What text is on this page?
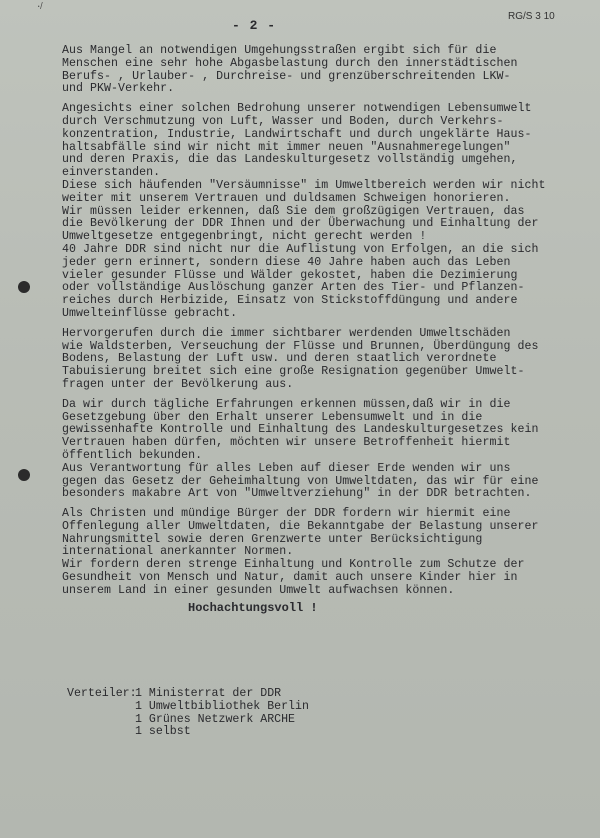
·̸
- 2 -
RG/S 3 10
Aus Mangel an notwendigen Umgehungsstraßen ergibt sich für die
Menschen eine sehr hohe Abgasbelastung durch den innerstädtischen
Berufs- , Urlauber- , Durchreise- und grenzüberschreitenden LKW-
und PKW-Verkehr.
Angesichts einer solchen Bedrohung unserer notwendigen Lebensumwelt
durch Verschmutzung von Luft, Wasser und Boden, durch Verkehrs-
konzentration, Industrie, Landwirtschaft und durch ungeklärte Haus-
haltsabfälle sind wir nicht mit immer neuen "Ausnahmeregelungen"
und deren Praxis, die das Landeskulturgesetz vollständig umgehen,
einverstanden.
Diese sich häufenden "Versäumnisse" im Umweltbereich werden wir nicht
weiter mit unserem Vertrauen und duldsamen Schweigen honorieren.
Wir müssen leider erkennen, daß Sie dem großzügigen Vertrauen, das
die Bevölkerung der DDR Ihnen und der Überwachung und Einhaltung der
Umweltgesetze entgegenbringt, nicht gerecht werden !
40 Jahre DDR sind nicht nur die Auflistung von Erfolgen, an die sich
jeder gern erinnert, sondern diese 40 Jahre haben auch das Leben
vieler gesunder Flüsse und Wälder gekostet, haben die Dezimierung
oder vollständige Auslöschung ganzer Arten des Tier- und Pflanzen-
reiches durch Herbizide, Einsatz von Stickstoffdüngung und andere
Umwelteinflüsse gebracht.
Hervorgerufen durch die immer sichtbarer werdenden Umweltschäden
wie Waldsterben, Verseuchung der Flüsse und Brunnen, Überdüngung des
Bodens, Belastung der Luft usw. und deren staatlich verordnete
Tabuisierung breitet sich eine große Resignation gegenüber Umwelt-
fragen unter der Bevölkerung aus.
Da wir durch tägliche Erfahrungen erkennen müssen,daß wir in die
Gesetzgebung über den Erhalt unserer Lebensumwelt und in die
gewissenhafte Kontrolle und Einhaltung des Landeskulturgesetzes kein
Vertrauen haben dürfen, möchten wir unsere Betroffenheit hiermit
öffentlich bekunden.
Aus Verantwortung für alles Leben auf dieser Erde wenden wir uns
gegen das Gesetz der Geheimhaltung von Umweltdaten, das wir für eine
besonders makabre Art von "Umweltverziehung" in der DDR betrachten.
Als Christen und mündige Bürger der DDR fordern wir hiermit eine
Offenlegung aller Umweltdaten, die Bekanntgabe der Belastung unserer
Nahrungsmittel sowie deren Grenzwerte unter Berücksichtigung
international anerkannter Normen.
Wir fordern deren strenge Einhaltung und Kontrolle zum Schutze der
Gesundheit von Mensch und Natur, damit auch unsere Kinder hier in
unserem Land in einer gesunden Umwelt aufwachsen können.
Hochachtungsvoll !
Verteiler:
1 Ministerrat der DDR
1 Umweltbibliothek Berlin
1 Grünes Netzwerk ARCHE
1 selbst
